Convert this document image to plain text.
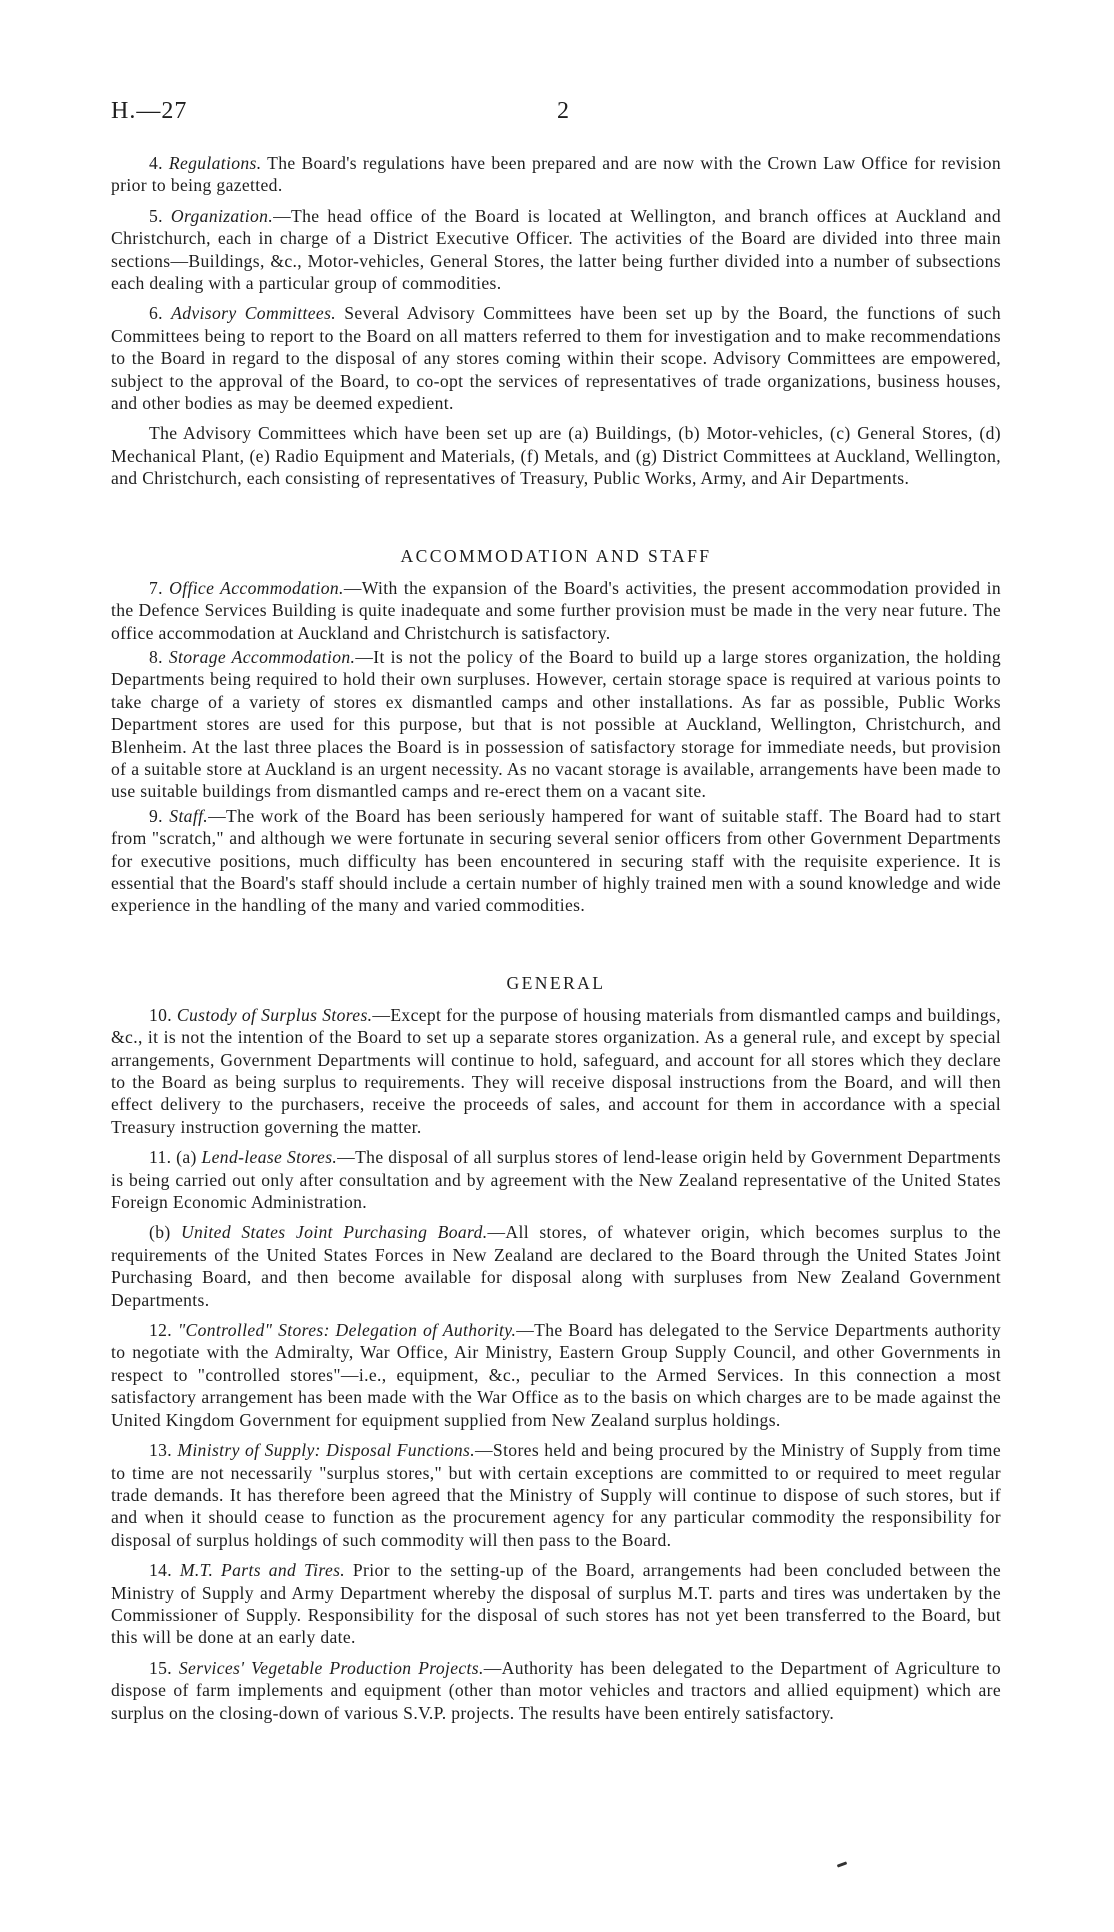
H.—27	2

4. Regulations. The Board's regulations have been prepared and are now with the Crown Law Office for revision prior to being gazetted.

5. Organization.—The head office of the Board is located at Wellington, and branch offices at Auckland and Christchurch, each in charge of a District Executive Officer. The activities of the Board are divided into three main sections—Buildings, &c., Motor-vehicles, General Stores, the latter being further divided into a number of subsections each dealing with a particular group of commodities.

6. Advisory Committees. Several Advisory Committees have been set up by the Board, the functions of such Committees being to report to the Board on all matters referred to them for investigation and to make recommendations to the Board in regard to the disposal of any stores coming within their scope. Advisory Committees are empowered, subject to the approval of the Board, to co-opt the services of representatives of trade organizations, business houses, and other bodies as may be deemed expedient.

The Advisory Committees which have been set up are (a) Buildings, (b) Motor-vehicles, (c) General Stores, (d) Mechanical Plant, (e) Radio Equipment and Materials, (f) Metals, and (g) District Committees at Auckland, Wellington, and Christchurch, each consisting of representatives of Treasury, Public Works, Army, and Air Departments.

ACCOMMODATION AND STAFF

7. Office Accommodation.—With the expansion of the Board's activities, the present accommodation provided in the Defence Services Building is quite inadequate and some further provision must be made in the very near future. The office accommodation at Auckland and Christchurch is satisfactory.

8. Storage Accommodation.—It is not the policy of the Board to build up a large stores organization, the holding Departments being required to hold their own surpluses. However, certain storage space is required at various points to take charge of a variety of stores ex dismantled camps and other installations. As far as possible, Public Works Department stores are used for this purpose, but that is not possible at Auckland, Wellington, Christchurch, and Blenheim. At the last three places the Board is in possession of satisfactory storage for immediate needs, but provision of a suitable store at Auckland is an urgent necessity. As no vacant storage is available, arrangements have been made to use suitable buildings from dismantled camps and re-erect them on a vacant site.

9. Staff.—The work of the Board has been seriously hampered for want of suitable staff. The Board had to start from "scratch," and although we were fortunate in securing several senior officers from other Government Departments for executive positions, much difficulty has been encountered in securing staff with the requisite experience. It is essential that the Board's staff should include a certain number of highly trained men with a sound knowledge and wide experience in the handling of the many and varied commodities.

GENERAL

10. Custody of Surplus Stores.—Except for the purpose of housing materials from dismantled camps and buildings, &c., it is not the intention of the Board to set up a separate stores organization. As a general rule, and except by special arrangements, Government Departments will continue to hold, safeguard, and account for all stores which they declare to the Board as being surplus to requirements. They will receive disposal instructions from the Board, and will then effect delivery to the purchasers, receive the proceeds of sales, and account for them in accordance with a special Treasury instruction governing the matter.

11. (a) Lend-lease Stores.—The disposal of all surplus stores of lend-lease origin held by Government Departments is being carried out only after consultation and by agreement with the New Zealand representative of the United States Foreign Economic Administration.

(b) United States Joint Purchasing Board.—All stores, of whatever origin, which becomes surplus to the requirements of the United States Forces in New Zealand are declared to the Board through the United States Joint Purchasing Board, and then become available for disposal along with surpluses from New Zealand Government Departments.

12. "Controlled" Stores: Delegation of Authority.—The Board has delegated to the Service Departments authority to negotiate with the Admiralty, War Office, Air Ministry, Eastern Group Supply Council, and other Governments in respect to "controlled stores"—i.e., equipment, &c., peculiar to the Armed Services. In this connection a most satisfactory arrangement has been made with the War Office as to the basis on which charges are to be made against the United Kingdom Government for equipment supplied from New Zealand surplus holdings.

13. Ministry of Supply: Disposal Functions.—Stores held and being procured by the Ministry of Supply from time to time are not necessarily "surplus stores," but with certain exceptions are committed to or required to meet regular trade demands. It has therefore been agreed that the Ministry of Supply will continue to dispose of such stores, but if and when it should cease to function as the procurement agency for any particular commodity the responsibility for disposal of surplus holdings of such commodity will then pass to the Board.

14. M.T. Parts and Tires. Prior to the setting-up of the Board, arrangements had been concluded between the Ministry of Supply and Army Department whereby the disposal of surplus M.T. parts and tires was undertaken by the Commissioner of Supply. Responsibility for the disposal of such stores has not yet been transferred to the Board, but this will be done at an early date.

15. Services' Vegetable Production Projects.—Authority has been delegated to the Department of Agriculture to dispose of farm implements and equipment (other than motor vehicles and tractors and allied equipment) which are surplus on the closing-down of various S.V.P. projects. The results have been entirely satisfactory.
